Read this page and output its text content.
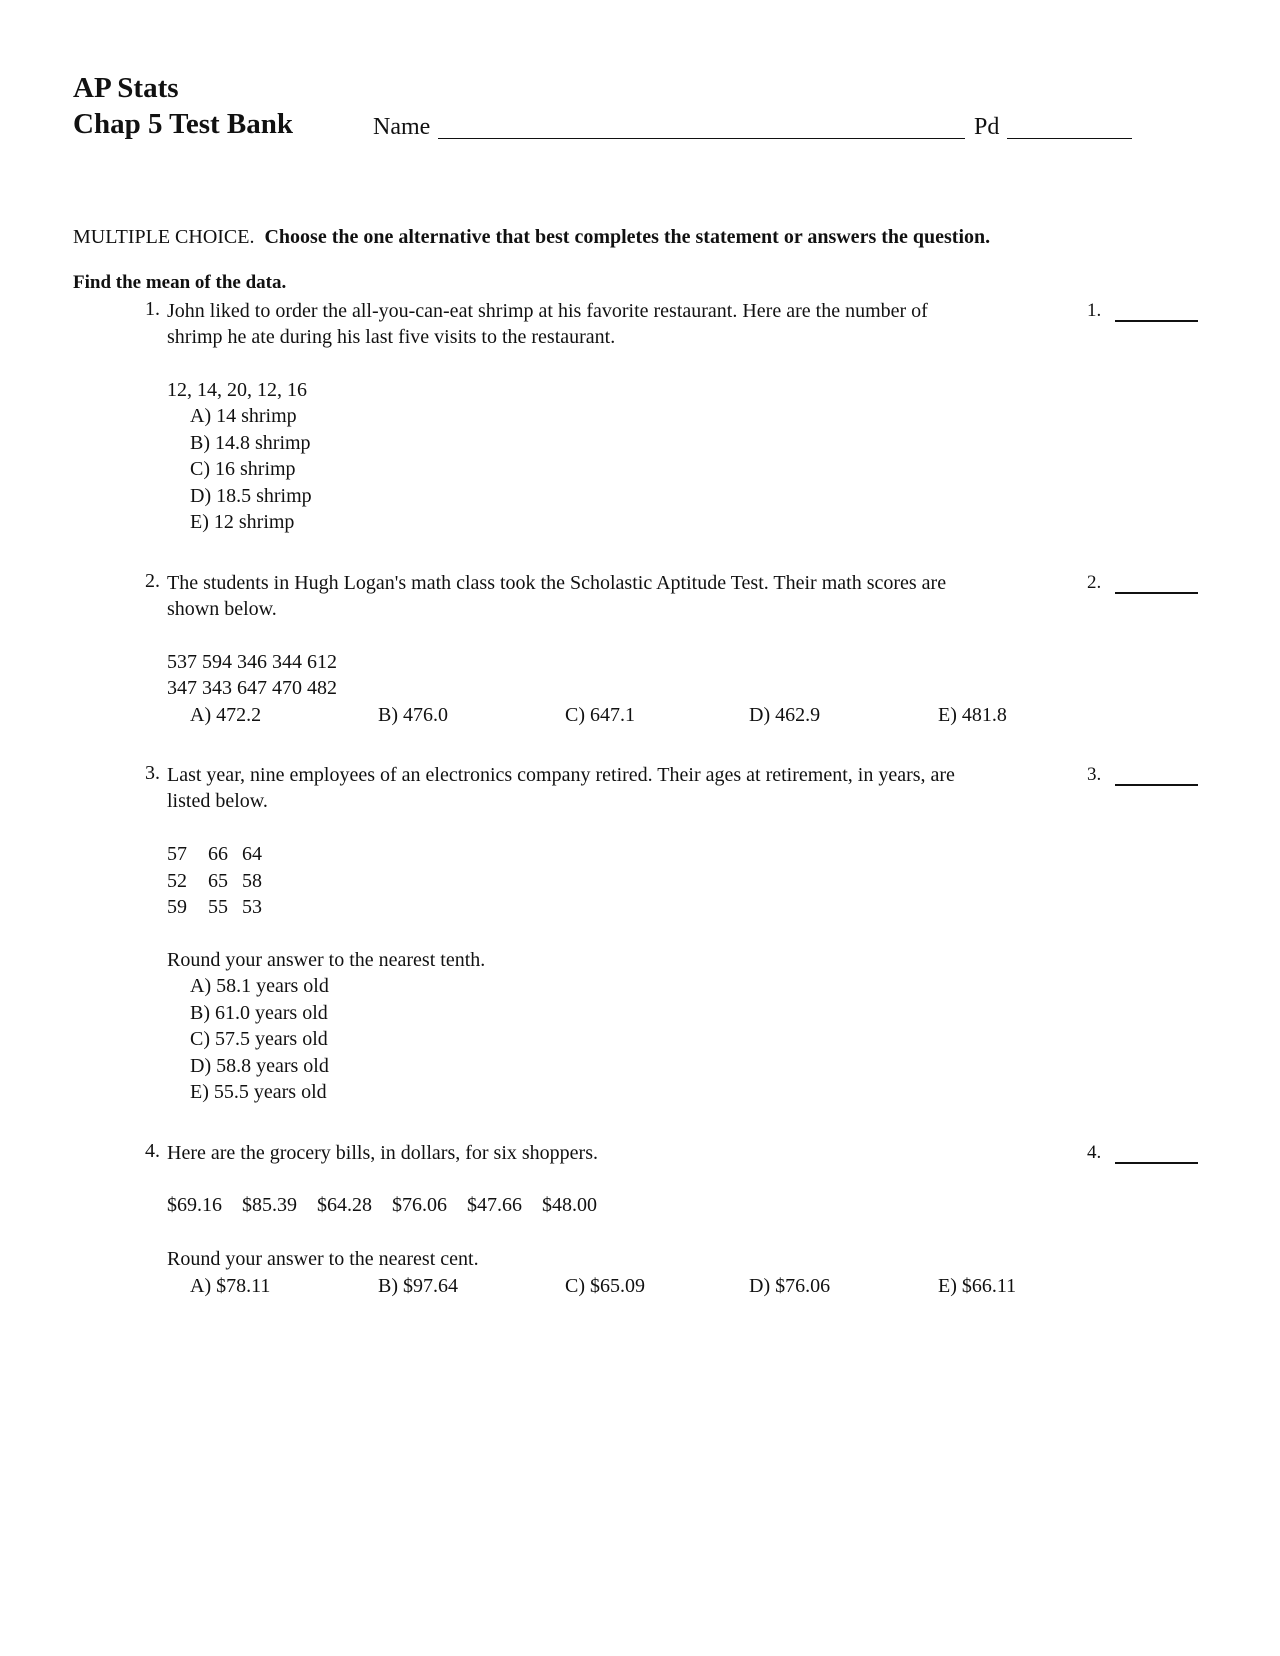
AP Stats
Chap 5 Test Bank	Name	Pd
MULTIPLE CHOICE. Choose the one alternative that best completes the statement or answers the question.
Find the mean of the data.
1. John liked to order the all-you-can-eat shrimp at his favorite restaurant. Here are the number of
shrimp he ate during his last five visits to the restaurant.
1.
12, 14, 20, 12, 16
A) 14 shrimp
B) 14.8 shrimp
C) 16 shrimp
D) 18.5 shrimp
E) 12 shrimp
2. The students in Hugh Logan's math class took the Scholastic Aptitude Test. Their math scores are
shown below.
2.
537 594 346 344 612
347 343 647 470 482
A) 472.2	B) 476.0	C) 647.1	D) 462.9	E) 481.8
3. Last year, nine employees of an electronics company retired. Their ages at retirement, in years, are
listed below.
3.
57 66 64
52 65 58
59 55 53
Round your answer to the nearest tenth.
A) 58.1 years old
B) 61.0 years old
C) 57.5 years old
D) 58.8 years old
E) 55.5 years old
4. Here are the grocery bills, in dollars, for six shoppers.	4.
$69.16 $85.39 $64.28 $76.06 $47.66 $48.00
Round your answer to the nearest cent.
A) $78.11	B) $97.64	C) $65.09	D) $76.06	E) $66.11
